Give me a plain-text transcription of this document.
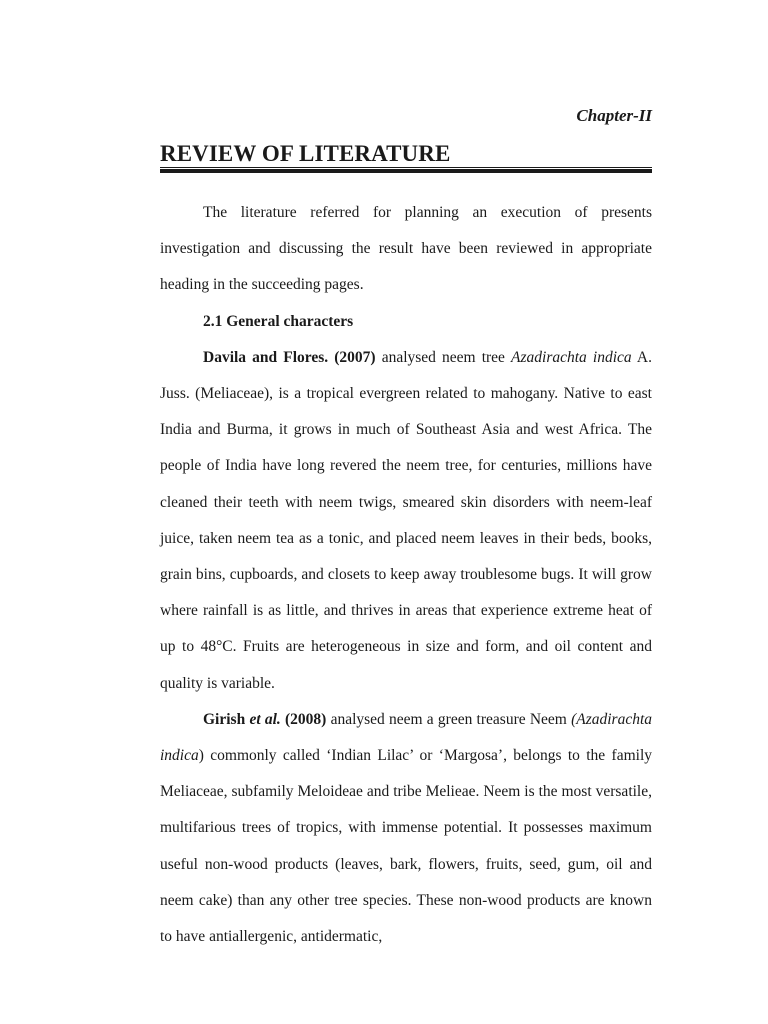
Chapter-II
REVIEW OF LITERATURE

The literature referred for planning an execution of presents investigation and discussing the result have been reviewed in appropriate heading in the succeeding pages.

2.1 General characters

Davila and Flores. (2007) analysed neem tree Azadirachta indica A. Juss. (Meliaceae), is a tropical evergreen related to mahogany. Native to east India and Burma, it grows in much of Southeast Asia and west Africa. The people of India have long revered the neem tree, for centuries, millions have cleaned their teeth with neem twigs, smeared skin disorders with neem-leaf juice, taken neem tea as a tonic, and placed neem leaves in their beds, books, grain bins, cupboards, and closets to keep away troublesome bugs. It will grow where rainfall is as little, and thrives in areas that experience extreme heat of up to 48°C. Fruits are heterogeneous in size and form, and oil content and quality is variable.

Girish et al. (2008) analysed neem a green treasure Neem (Azadirachta indica) commonly called ‘Indian Lilac’ or ‘Margosa’, belongs to the family Meliaceae, subfamily Meloideae and tribe Melieae. Neem is the most versatile, multifarious trees of tropics, with immense potential. It possesses maximum useful non-wood products (leaves, bark, flowers, fruits, seed, gum, oil and neem cake) than any other tree species. These non-wood products are known to have antiallergenic, antidermatic,
